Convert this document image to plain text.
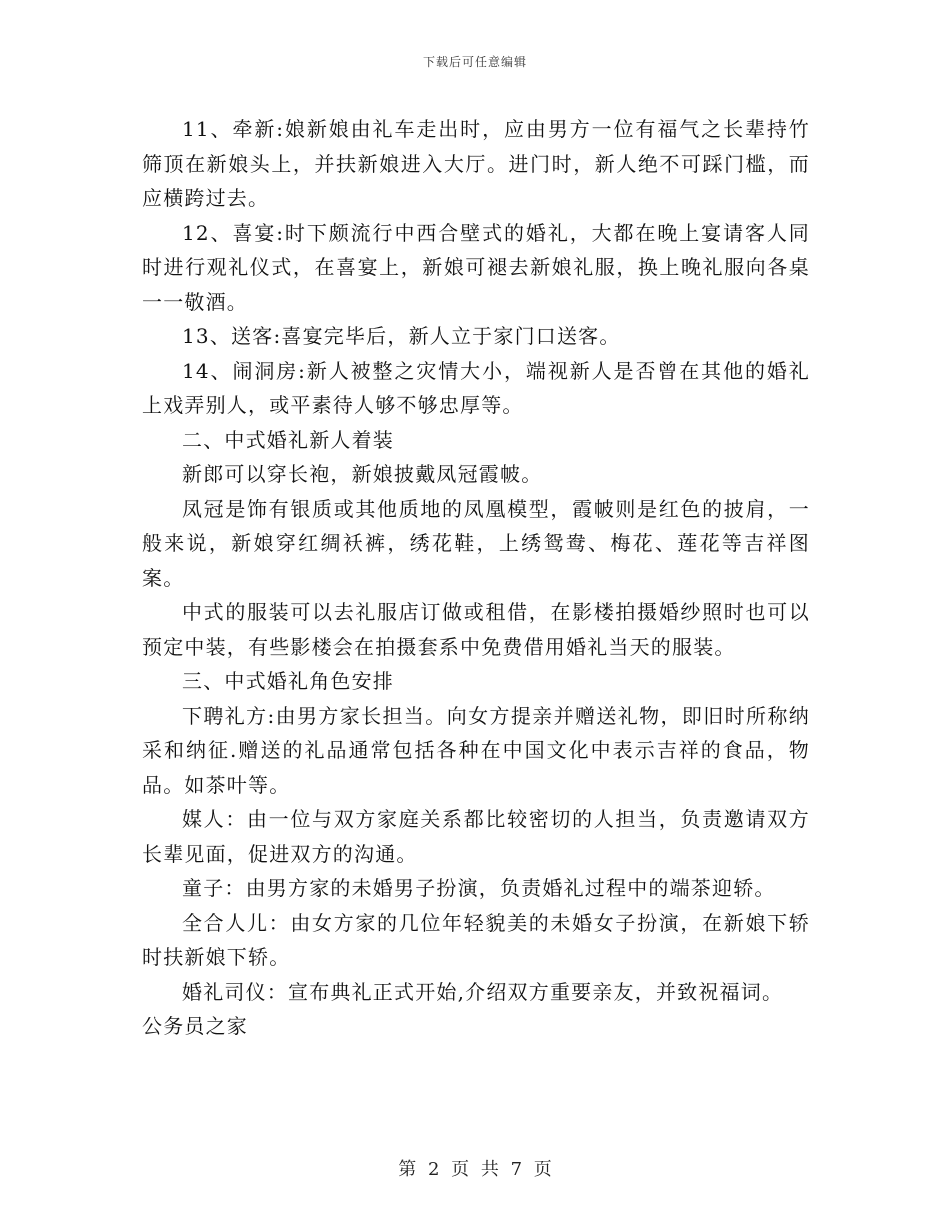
下载后可任意编辑

11、牵新:娘新娘由礼车走出时，应由男方一位有福气之长辈持竹筛顶在新娘头上，并扶新娘进入大厅。进门时，新人绝不可踩门槛，而应横跨过去。

12、喜宴:时下颇流行中西合壁式的婚礼，大都在晚上宴请客人同时进行观礼仪式，在喜宴上，新娘可褪去新娘礼服，换上晚礼服向各桌一一敬酒。

13、送客:喜宴完毕后，新人立于家门口送客。

14、闹洞房:新人被整之灾情大小，端视新人是否曾在其他的婚礼上戏弄别人，或平素待人够不够忠厚等。

二、中式婚礼新人着装

新郎可以穿长袍，新娘披戴凤冠霞帔。

凤冠是饰有银质或其他质地的凤凰模型，霞帔则是红色的披肩，一般来说，新娘穿红绸袄裤，绣花鞋，上绣鸳鸯、梅花、莲花等吉祥图案。

中式的服装可以去礼服店订做或租借，在影楼拍摄婚纱照时也可以预定中装，有些影楼会在拍摄套系中免费借用婚礼当天的服装。

三、中式婚礼角色安排

下聘礼方:由男方家长担当。向女方提亲并赠送礼物，即旧时所称纳采和纳征.赠送的礼品通常包括各种在中国文化中表示吉祥的食品，物品。如茶叶等。

媒人：由一位与双方家庭关系都比较密切的人担当，负责邀请双方长辈见面，促进双方的沟通。

童子：由男方家的未婚男子扮演，负责婚礼过程中的端茶迎轿。

全合人儿：由女方家的几位年轻貌美的未婚女子扮演，在新娘下轿时扶新娘下轿。

婚礼司仪：宣布典礼正式开始,介绍双方重要亲友，并致祝福词。

公务员之家

第 2 页 共 7 页
